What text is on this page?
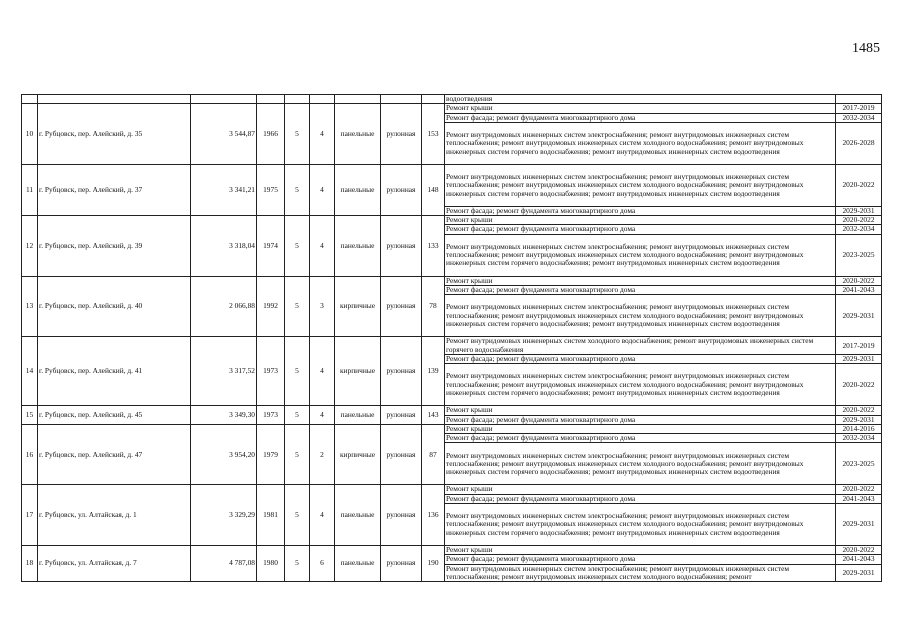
1485
									водоотведения	
10	г. Рубцовск, пер. Алейский, д. 35	3 544,87	1966	5	4	панельные	рулонная	153	Ремонт крыши	2017-2019
									Ремонт фасада; ремонт фундамента многоквартирного дома	2032-2034
									Ремонт внутридомовых инженерных систем электроснабжения; ремонт внутридомовых инженерных систем теплоснабжения; ремонт внутридомовых инженерных систем холодного водоснабжения; ремонт внутридомовых инженерных систем горячего водоснабжения; ремонт внутридомовых инженерных систем водоотведения	2026-2028
11	г. Рубцовск, пер. Алейский, д. 37	3 341,21	1975	5	4	панельные	рулонная	148	Ремонт внутридомовых инженерных систем электроснабжения; ремонт внутридомовых инженерных систем теплоснабжения; ремонт внутридомовых инженерных систем холодного водоснабжения; ремонт внутридомовых инженерных систем горячего водоснабжения; ремонт внутридомовых инженерных систем водоотведения	2020-2022
									Ремонт фасада; ремонт фундамента многоквартирного дома	2029-2031
12	г. Рубцовск, пер. Алейский, д. 39	3 318,04	1974	5	4	панельные	рулонная	133	Ремонт крыши	2020-2022
									Ремонт фасада; ремонт фундамента многоквартирного дома	2032-2034
									Ремонт внутридомовых инженерных систем электроснабжения; ремонт внутридомовых инженерных систем теплоснабжения; ремонт внутридомовых инженерных систем холодного водоснабжения; ремонт внутридомовых инженерных систем горячего водоснабжения; ремонт внутридомовых инженерных систем водоотведения	2023-2025
13	г. Рубцовск, пер. Алейский, д. 40	2 066,88	1992	5	3	кирпичные	рулонная	78	Ремонт крыши	2020-2022
									Ремонт фасада; ремонт фундамента многоквартирного дома	2041-2043
									Ремонт внутридомовых инженерных систем электроснабжения; ремонт внутридомовых инженерных систем теплоснабжения; ремонт внутридомовых инженерных систем холодного водоснабжения; ремонт внутридомовых инженерных систем горячего водоснабжения; ремонт внутридомовых инженерных систем водоотведения	2029-2031
14	г. Рубцовск, пер. Алейский, д. 41	3 317,52	1973	5	4	кирпичные	рулонная	139	Ремонт внутридомовых инженерных систем холодного водоснабжения; ремонт внутридомовых инженерных систем горячего водоснабжения	2017-2019
									Ремонт фасада; ремонт фундамента многоквартирного дома	2029-2031
									Ремонт внутридомовых инженерных систем электроснабжения; ремонт внутридомовых инженерных систем теплоснабжения; ремонт внутридомовых инженерных систем холодного водоснабжения; ремонт внутридомовых инженерных систем горячего водоснабжения; ремонт внутридомовых инженерных систем водоотведения	2020-2022
15	г. Рубцовск, пер. Алейский, д. 45	3 349,30	1973	5	4	панельные	рулонная	143	Ремонт крыши	2020-2022
									Ремонт фасада; ремонт фундамента многоквартирного дома	2029-2031
16	г. Рубцовск, пер. Алейский, д. 47	3 954,20	1979	5	2	кирпичные	рулонная	87	Ремонт крыши	2014-2016
									Ремонт фасада; ремонт фундамента многоквартирного дома	2032-2034
									Ремонт внутридомовых инженерных систем электроснабжения; ремонт внутридомовых инженерных систем теплоснабжения; ремонт внутридомовых инженерных систем холодного водоснабжения; ремонт внутридомовых инженерных систем горячего водоснабжения; ремонт внутридомовых инженерных систем водоотведения	2023-2025
17	г. Рубцовск, ул. Алтайская, д. 1	3 329,29	1981	5	4	панельные	рулонная	136	Ремонт крыши	2020-2022
									Ремонт фасада; ремонт фундамента многоквартирного дома	2041-2043
									Ремонт внутридомовых инженерных систем электроснабжения; ремонт внутридомовых инженерных систем теплоснабжения; ремонт внутридомовых инженерных систем холодного водоснабжения; ремонт внутридомовых инженерных систем горячего водоснабжения; ремонт внутридомовых инженерных систем водоотведения	2029-2031
18	г. Рубцовск, ул. Алтайская, д. 7	4 787,08	1980	5	6	панельные	рулонная	190	Ремонт крыши	2020-2022
									Ремонт фасада; ремонт фундамента многоквартирного дома	2041-2043
									Ремонт внутридомовых инженерных систем электроснабжения; ремонт внутридомовых инженерных систем теплоснабжения; ремонт внутридомовых инженерных систем холодного водоснабжения; ремонт	2029-2031
